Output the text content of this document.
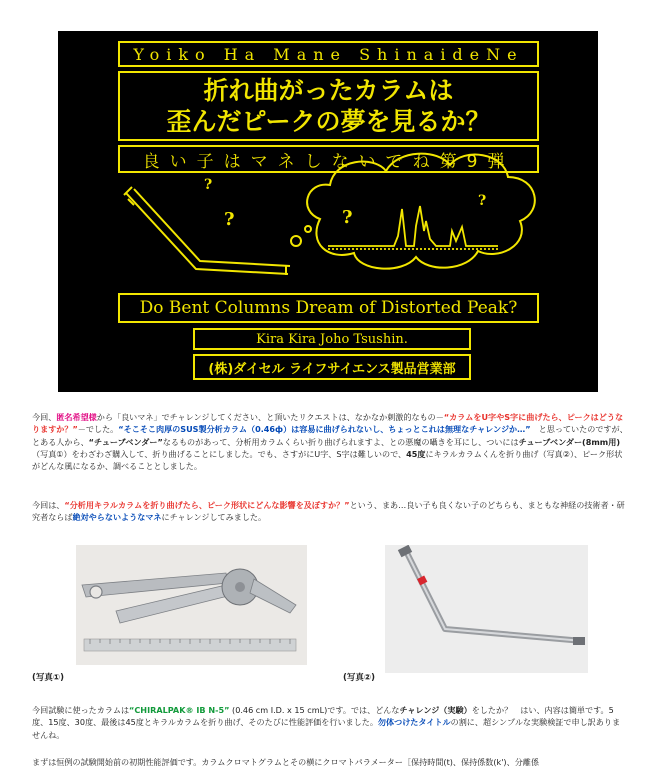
Yoiko Ha Mane ShinaideNe
折れ曲がったカラムは
歪んだピークの夢を見るか？
良い子はマネしないでね第9弾
?
?	?
?
Do Bent Columns Dream of Distorted Peak?
Kira Kira Joho Tsushin.
(株)ダイセル ライフサイエンス製品営業部
今回、匿名希望様から「良いマネ」でチャレンジしてください、と頂いたリクエストは、なかなか刺激的なもの－“カラムをU字やS字に曲げたら、ピークはどうなりますか？”－でした。“そこそこ肉厚のSUS製分析カラム（0.46ф）は容易に曲げられないし、ちょっとこれは無理なチャレンジか…”　と思っていたのですが、とある人から、“チューブベンダー”なるものがあって、分析用カラムくらい折り曲げられますよ、との悪魔の囁きを耳にし、ついにはチューブベンダー(8mm用)（写真①）をわざわざ購入して、折り曲げることにしました。でも、さすがにU字、S字は難しいので、45度にキラルカラムくんを折り曲げ（写真②）、ピーク形状がどんな風になるか、調べることとしました。
今回は、“分析用キラルカラムを折り曲げたら、ピーク形状にどんな影響を及ぼすか？”という、まあ…良い子も良くない子のどちらも、まともな神経の技術者・研究者ならば絶対やらないようなマネにチャレンジしてみました。
(写真①)	(写真②)
今回試験に使ったカラムは“CHIRALPAK® IB N-5” (0.46 cm I.D. x 15 cmL)です。では、どんなチャレンジ（実験）をしたか？　はい、内容は簡単です。5度、15度、30度、最後は45度とキラルカラムを折り曲げ、そのたびに性能評価を行いました。勿体つけたタイトルの割に、超シンプルな実験検証で申し訳ありませんね。
まずは恒例の試験開始前の初期性能評価です。カラムクロマトグラムとその横にクロマトパラメーター［保持時間(t)、保持係数(k')、分離係
